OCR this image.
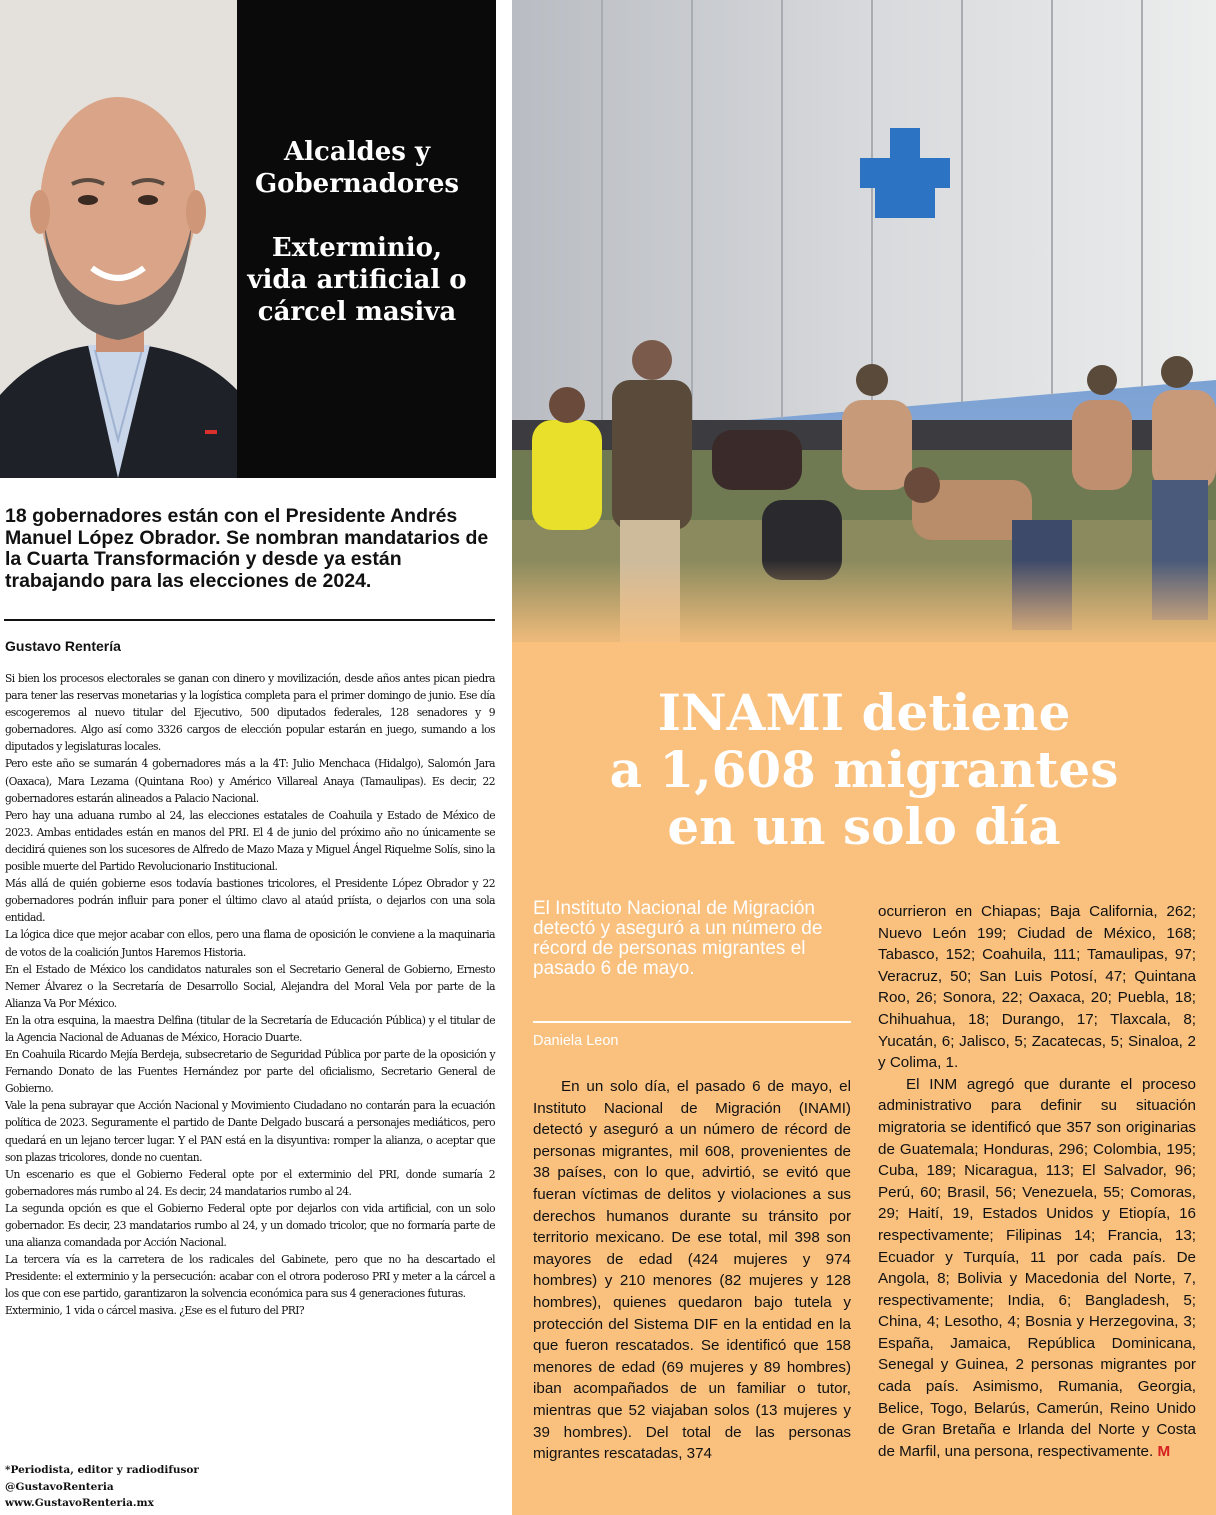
Alcaldes y
Gobernadores
Exterminio,
vida artificial o
cárcel masiva
18 gobernadores están con el Presidente Andrés Manuel López Obrador. Se nombran mandatarios de la Cuarta Transformación y desde ya están trabajando para las elecciones de 2024.
Gustavo Rentería

Si bien los procesos electorales se ganan con dinero y movilización, desde años antes pican piedra para tener las reservas monetarias y la logística completa para el primer domingo de junio. Ese día escogeremos al nuevo titular del Ejecutivo, 500 diputados federales, 128 senadores y 9 gobernadores. Algo así como 3326 cargos de elección popular estarán en juego, sumando a los diputados y legislaturas locales.

Pero este año se sumarán 4 gobernadores más a la 4T: Julio Menchaca (Hidalgo), Salomón Jara (Oaxaca), Mara Lezama (Quintana Roo) y Américo Villareal Anaya (Tamaulipas). Es decir, 22 gobernadores estarán alineados a Palacio Nacional.

Pero hay una aduana rumbo al 24, las elecciones estatales de Coahuila y Estado de México de 2023. Ambas entidades están en manos del PRI. El 4 de junio del próximo año no únicamente se decidirá quienes son los sucesores de Alfredo de Mazo Maza y Miguel Ángel Riquelme Solís, sino la posible muerte del Partido Revolucionario Institucional.

Más allá de quién gobierne esos todavía bastiones tricolores, el Presidente López Obrador y 22 gobernadores podrán influir para poner el último clavo al ataúd priísta, o dejarlos con una sola entidad.

La lógica dice que mejor acabar con ellos, pero una flama de oposición le conviene a la maquinaria de votos de la coalición Juntos Haremos Historia.

En el Estado de México los candidatos naturales son el Secretario General de Gobierno, Ernesto Nemer Álvarez o la Secretaría de Desarrollo Social, Alejandra del Moral Vela por parte de la Alianza Va Por México.

En la otra esquina, la maestra Delfina (titular de la Secretaría de Educación Pública) y el titular de la Agencia Nacional de Aduanas de México, Horacio Duarte.

En Coahuila Ricardo Mejía Berdeja, subsecretario de Seguridad Pública por parte de la oposición y Fernando Donato de las Fuentes Hernández por parte del oficialismo, Secretario General de Gobierno.

Vale la pena subrayar que Acción Nacional y Movimiento Ciudadano no contarán para la ecuación política de 2023. Seguramente el partido de Dante Delgado buscará a personajes mediáticos, pero quedará en un lejano tercer lugar. Y el PAN está en la disyuntiva: romper la alianza, o aceptar que son plazas tricolores, donde no cuentan.

Un escenario es que el Gobierno Federal opte por el exterminio del PRI, donde sumaría 2 gobernadores más rumbo al 24. Es decir, 24 mandatarios rumbo al 24.

La segunda opción es que el Gobierno Federal opte por dejarlos con vida artificial, con un solo gobernador. Es decir, 23 mandatarios rumbo al 24, y un domado tricolor, que no formaría parte de una alianza comandada por Acción Nacional.

La tercera vía es la carretera de los radicales del Gabinete, pero que no ha descartado el Presidente: el exterminio y la persecución: acabar con el otrora poderoso PRI y meter a la cárcel a los que con ese partido, garantizaron la solvencia económica para sus 4 generaciones futuras.

Exterminio, 1 vida o cárcel masiva. ¿Ese es el futuro del PRI?

*Periodista, editor y radiodifusor
@GustavoRenteria
www.GustavoRenteria.mx
INAMI detiene
a 1,608 migrantes
en un solo día
El Instituto Nacional de Migración detectó y aseguró a un número de récord de personas migrantes el pasado 6 de mayo.
Daniela Leon

En un solo día, el pasado 6 de mayo, el Instituto Nacional de Migración (INAMI) detectó y aseguró a un número de récord de personas migrantes, mil 608, provenientes de 38 países, con lo que, advirtió, se evitó que fueran víctimas de delitos y violaciones a sus derechos humanos durante su tránsito por territorio mexicano. De ese total, mil 398 son mayores de edad (424 mujeres y 974 hombres) y 210 menores (82 mujeres y 128 hombres), quienes quedaron bajo tutela y protección del Sistema DIF en la entidad en la que fueron rescatados. Se identificó que 158 menores de edad (69 mujeres y 89 hombres) iban acompañados de un familiar o tutor, mientras que 52 viajaban solos (13 mujeres y 39 hombres). Del total de las personas migrantes rescatadas, 374

ocurrieron en Chiapas; Baja California, 262; Nuevo León 199; Ciudad de México, 168; Tabasco, 152; Coahuila, 111; Tamaulipas, 97; Veracruz, 50; San Luis Potosí, 47; Quintana Roo, 26; Sonora, 22; Oaxaca, 20; Puebla, 18; Chihuahua, 18; Durango, 17; Tlaxcala, 8; Yucatán, 6; Jalisco, 5; Zacatecas, 5; Sinaloa, 2 y Colima, 1.

El INM agregó que durante el proceso administrativo para definir su situación migratoria se identificó que 357 son originarias de Guatemala; Honduras, 296; Colombia, 195; Cuba, 189; Nicaragua, 113; El Salvador, 96; Perú, 60; Brasil, 56; Venezuela, 55; Comoras, 29; Haití, 19, Estados Unidos y Etiopía, 16 respectivamente; Filipinas 14; Francia, 13; Ecuador y Turquía, 11 por cada país. De Angola, 8; Bolivia y Macedonia del Norte, 7, respectivamente; India, 6; Bangladesh, 5; China, 4; Lesotho, 4; Bosnia y Herzegovina, 3; España, Jamaica, República Dominicana, Senegal y Guinea, 2 personas migrantes por cada país. Asimismo, Rumania, Georgia, Belice, Togo, Belarús, Camerún, Reino Unido de Gran Bretaña e Irlanda del Norte y Costa de Marfil, una persona, respectivamente. M
